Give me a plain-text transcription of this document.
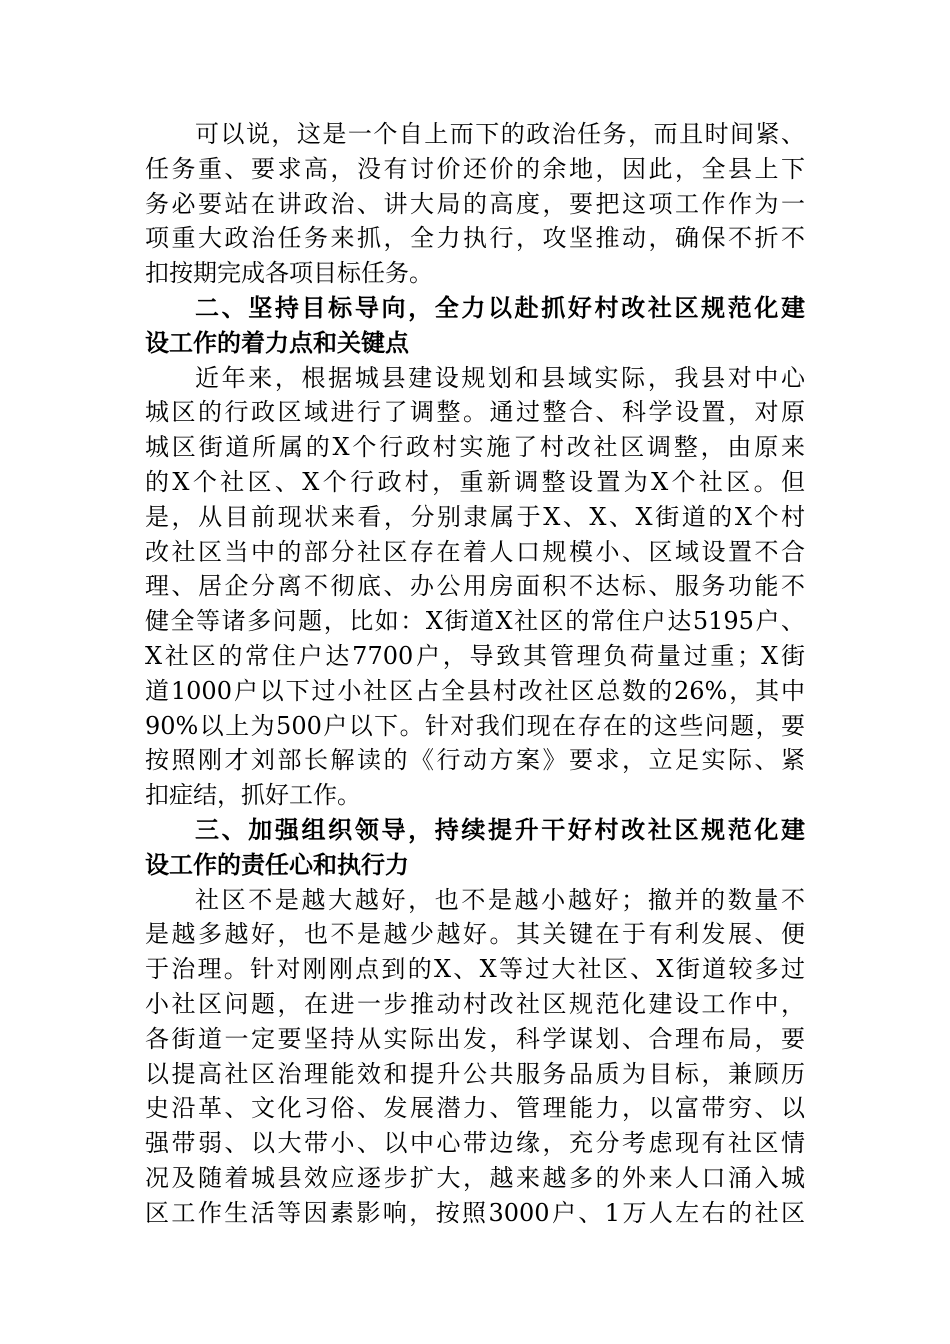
可以说，这是一个自上而下的政治任务，而且时间紧、
任务重、要求高，没有讨价还价的余地，因此，全县上下
务必要站在讲政治、讲大局的高度，要把这项工作作为一
项重大政治任务来抓，全力执行，攻坚推动，确保不折不
扣按期完成各项目标任务。
二、坚持目标导向，全力以赴抓好村改社区规范化建
设工作的着力点和关键点
近年来，根据城县建设规划和县域实际，我县对中心
城区的行政区域进行了调整。通过整合、科学设置，对原
城区街道所属的X个行政村实施了村改社区调整，由原来
的X个社区、X个行政村，重新调整设置为X个社区。但
是，从目前现状来看，分别隶属于X、X、X街道的X个村
改社区当中的部分社区存在着人口规模小、区域设置不合
理、居企分离不彻底、办公用房面积不达标、服务功能不
健全等诸多问题，比如：X街道X社区的常住户达5195户、
X社区的常住户达7700户，导致其管理负荷量过重；X街
道1000户以下过小社区占全县村改社区总数的26%，其中
90%以上为500户以下。针对我们现在存在的这些问题，要
按照刚才刘部长解读的《行动方案》要求，立足实际、紧
扣症结，抓好工作。
三、加强组织领导，持续提升干好村改社区规范化建
设工作的责任心和执行力
社区不是越大越好，也不是越小越好；撤并的数量不
是越多越好，也不是越少越好。其关键在于有利发展、便
于治理。针对刚刚点到的X、X等过大社区、X街道较多过
小社区问题，在进一步推动村改社区规范化建设工作中，
各街道一定要坚持从实际出发，科学谋划、合理布局，要
以提高社区治理能效和提升公共服务品质为目标，兼顾历
史沿革、文化习俗、发展潜力、管理能力，以富带穷、以
强带弱、以大带小、以中心带边缘，充分考虑现有社区情
况及随着城县效应逐步扩大，越来越多的外来人口涌入城
区工作生活等因素影响，按照3000户、1万人左右的社区
